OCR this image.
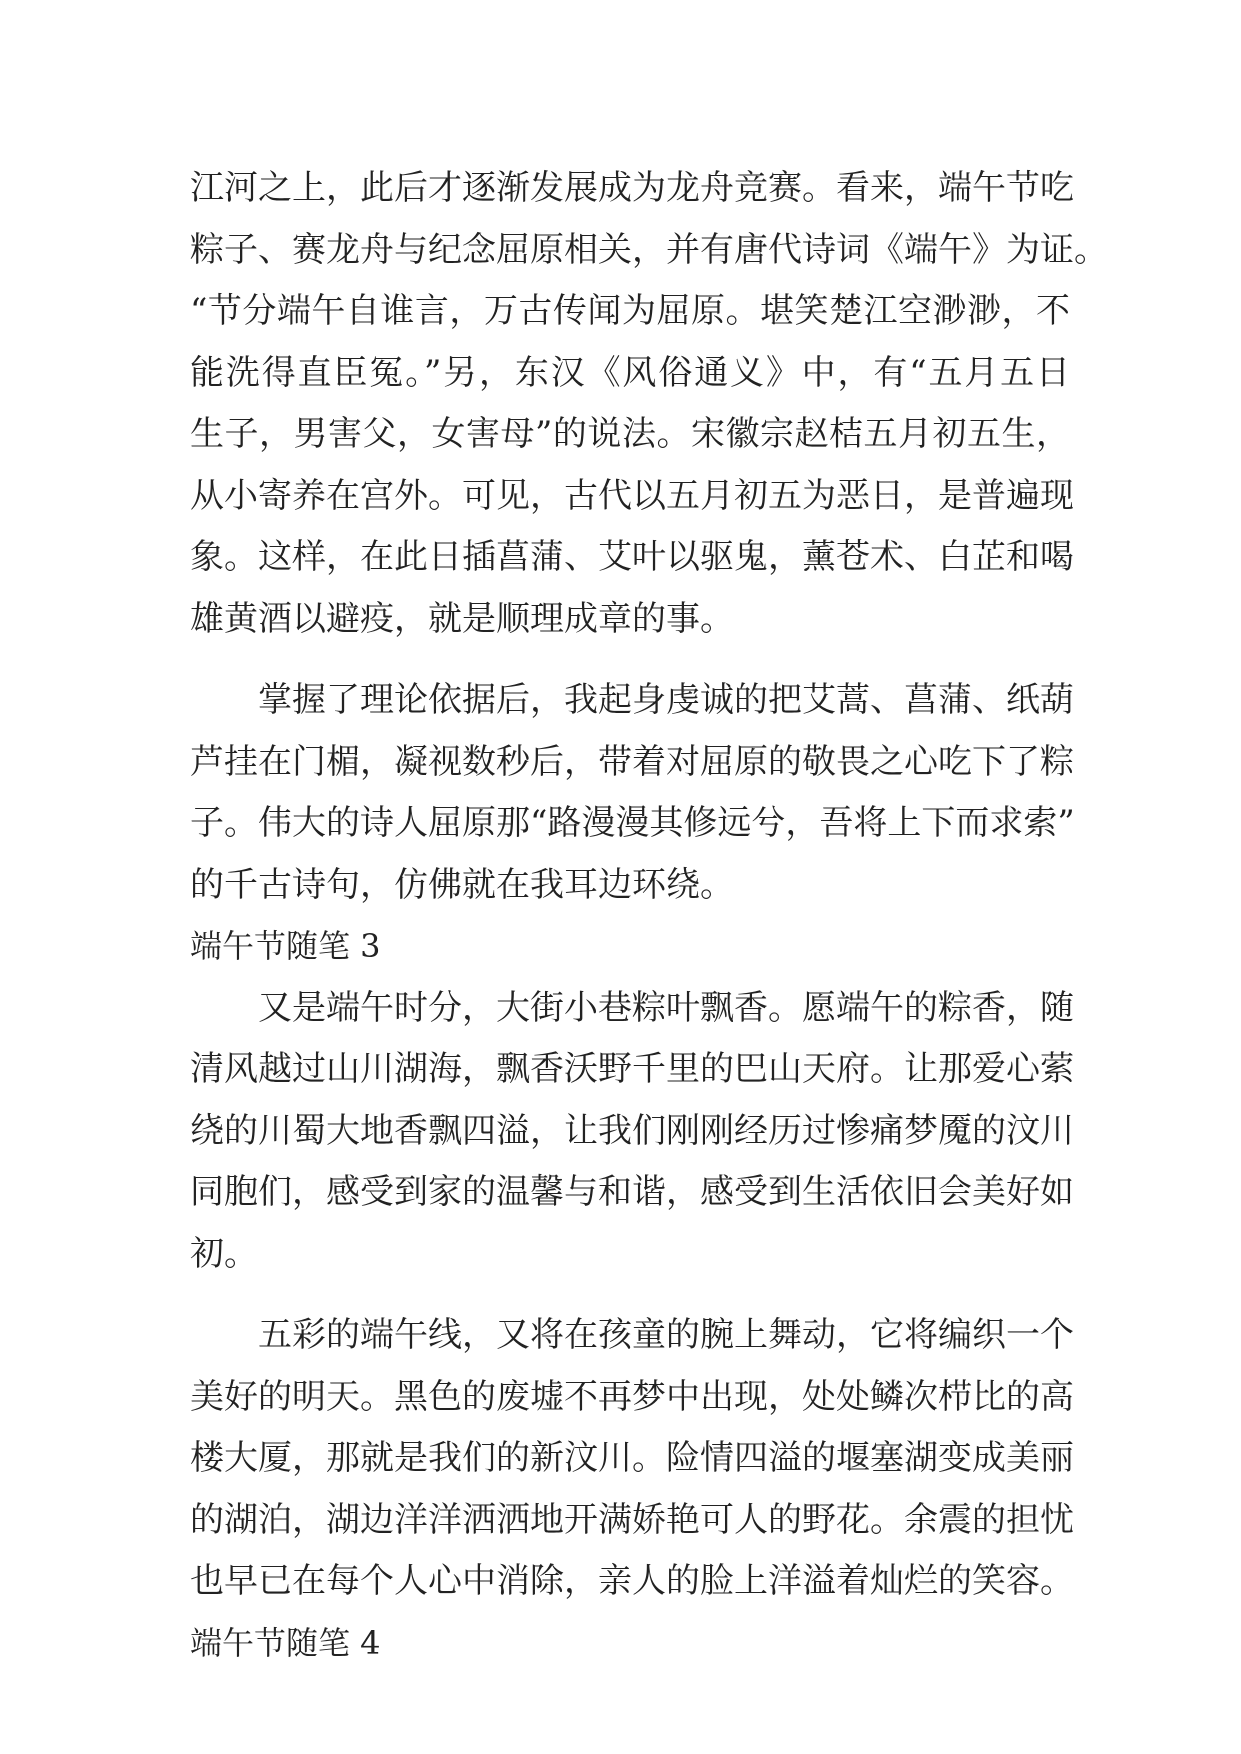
江河之上，此后才逐渐发展成为龙舟竞赛。看来，端午节吃
粽子、赛龙舟与纪念屈原相关，并有唐代诗词《端午》为证。
“节分端午自谁言，万古传闻为屈原。堪笑楚江空渺渺，不
能洗得直臣冤。”另，东汉《风俗通义》中，有“五月五日
生子，男害父，女害母”的说法。宋徽宗赵桔五月初五生，
从小寄养在宫外。可见，古代以五月初五为恶日，是普遍现
象。这样，在此日插菖蒲、艾叶以驱鬼，薰苍术、白芷和喝
雄黄酒以避疫，就是顺理成章的事。
掌握了理论依据后，我起身虔诚的把艾蒿、菖蒲、纸葫
芦挂在门楣，凝视数秒后，带着对屈原的敬畏之心吃下了粽
子。伟大的诗人屈原那“路漫漫其修远兮，吾将上下而求索”
的千古诗句，仿佛就在我耳边环绕。
端午节随笔 3
又是端午时分，大街小巷粽叶飘香。愿端午的粽香，随
清风越过山川湖海，飘香沃野千里的巴山天府。让那爱心萦
绕的川蜀大地香飘四溢，让我们刚刚经历过惨痛梦魇的汶川
同胞们，感受到家的温馨与和谐，感受到生活依旧会美好如
初。
五彩的端午线，又将在孩童的腕上舞动，它将编织一个
美好的明天。黑色的废墟不再梦中出现，处处鳞次栉比的高
楼大厦，那就是我们的新汶川。险情四溢的堰塞湖变成美丽
的湖泊，湖边洋洋洒洒地开满娇艳可人的野花。余震的担忧
也早已在每个人心中消除，亲人的脸上洋溢着灿烂的笑容。
端午节随笔 4
